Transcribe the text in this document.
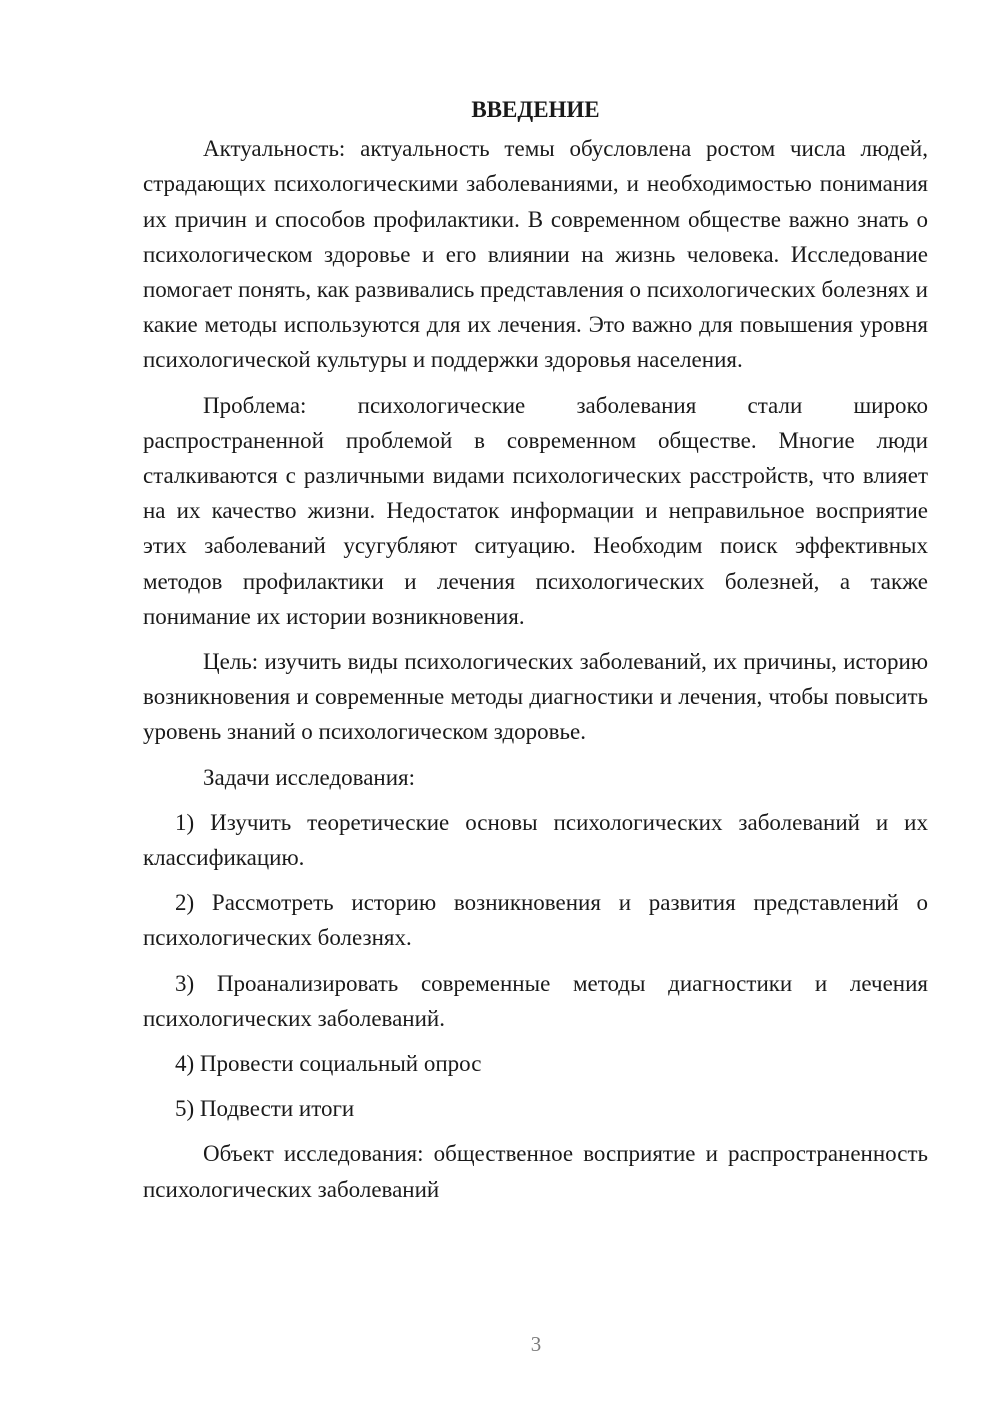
ВВЕДЕНИЕ

Актуальность: актуальность темы обусловлена ростом числа людей, страдающих психологическими заболеваниями, и необходимостью понимания их причин и способов профилактики. В современном обществе важно знать о психологическом здоровье и его влиянии на жизнь человека. Исследование помогает понять, как развивались представления о психологических болезнях и какие методы используются для их лечения. Это важно для повышения уровня психологической культуры и поддержки здоровья населения.

Проблема: психологические заболевания стали широко распространенной проблемой в современном обществе. Многие люди сталкиваются с различными видами психологических расстройств, что влияет на их качество жизни. Недостаток информации и неправильное восприятие этих заболеваний усугубляют ситуацию. Необходим поиск эффективных методов профилактики и лечения психологических болезней, а также понимание их истории возникновения.

Цель: изучить виды психологических заболеваний, их причины, историю возникновения и современные методы диагностики и лечения, чтобы повысить уровень знаний о психологическом здоровье.

Задачи исследования:

1) Изучить теоретические основы психологических заболеваний и их классификацию.

2) Рассмотреть историю возникновения и развития представлений о психологических болезнях.

3) Проанализировать современные методы диагностики и лечения психологических заболеваний.

4) Провести социальный опрос

5) Подвести итоги

Объект исследования: общественное восприятие и распространенность психологических заболеваний

3
